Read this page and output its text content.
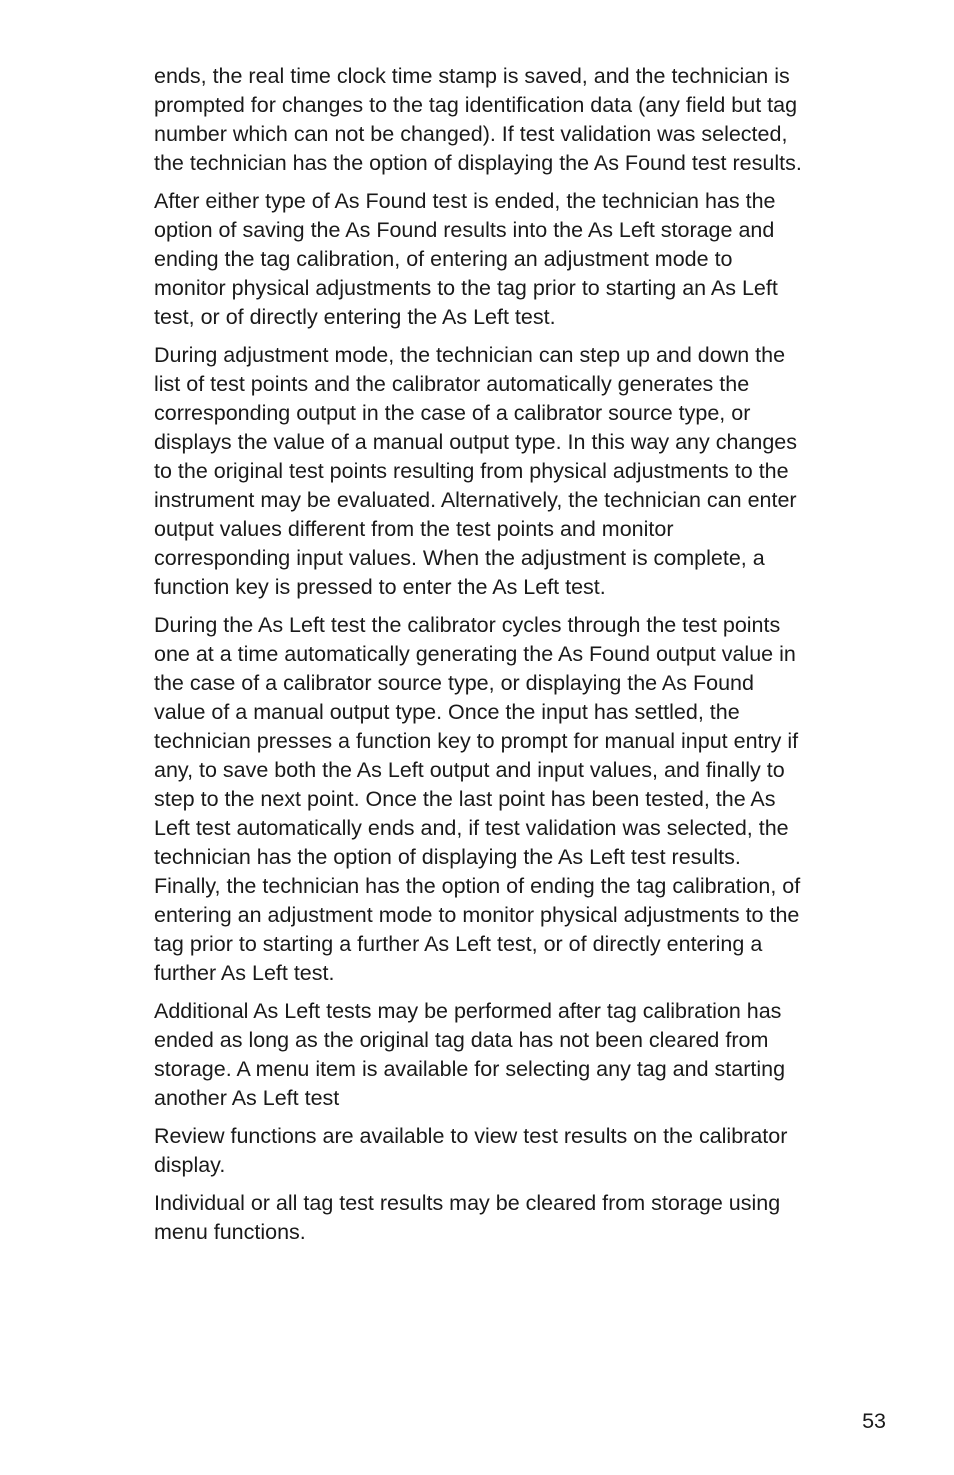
ends, the real time clock time stamp is saved, and the technician is
prompted for changes to the tag identification data (any field but tag
number which can not be changed). If test validation was selected,
the technician has the option of displaying the As Found test results.

After either type of As Found test is ended, the technician has the
option of saving the As Found results into the As Left storage and
ending the tag calibration, of entering an adjustment mode to
monitor physical adjustments to the tag prior to starting an As Left
test, or of directly entering the As Left test.

During adjustment mode, the technician can step up and down the
list of test points and the calibrator automatically generates the
corresponding output in the case of a calibrator source type, or
displays the value of a manual output type. In this way any changes
to the original test points resulting from physical adjustments to the
instrument may be evaluated. Alternatively, the technician can enter
output values different from the test points and monitor
corresponding input values. When the adjustment is complete, a
function key is pressed to enter the As Left test.

During the As Left test the calibrator cycles through the test points
one at a time automatically generating the As Found output value in
the case of a calibrator source type, or displaying the As Found
value of a manual output type. Once the input has settled, the
technician presses a function key to prompt for manual input entry if
any, to save both the As Left output and input values, and finally to
step to the next point. Once the last point has been tested, the As
Left test automatically ends and, if test validation was selected, the
technician has the option of displaying the As Left test results.
Finally, the technician has the option of ending the tag calibration, of
entering an adjustment mode to monitor physical adjustments to the
tag prior to starting a further As Left test, or of directly entering a
further As Left test.

Additional As Left tests may be performed after tag calibration has
ended as long as the original tag data has not been cleared from
storage. A menu item is available for selecting any tag and starting
another As Left test

Review functions are available to view test results on the calibrator
display.

Individual or all tag test results may be cleared from storage using
menu functions.

53
